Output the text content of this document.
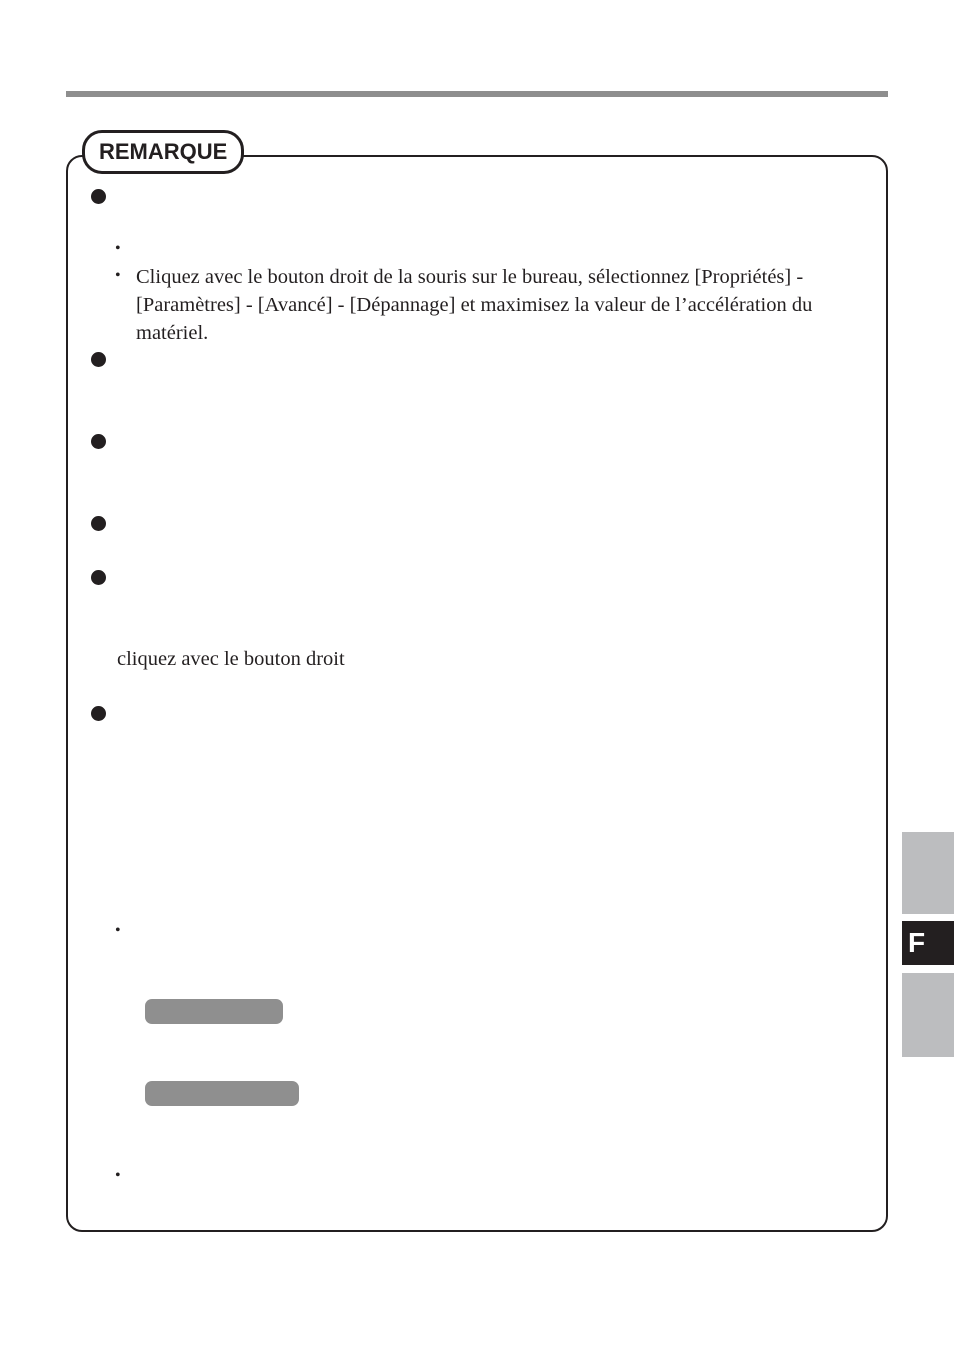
REMARQUE
•
•
•
•
Cliquez avec le bouton droit de la souris sur le bureau, sélectionnez [Propriétés] -
[Paramètres] - [Avancé] - [Dépannage] et maximisez la valeur de l’accélération du
matériel.
cliquez avec le bouton droit
F
